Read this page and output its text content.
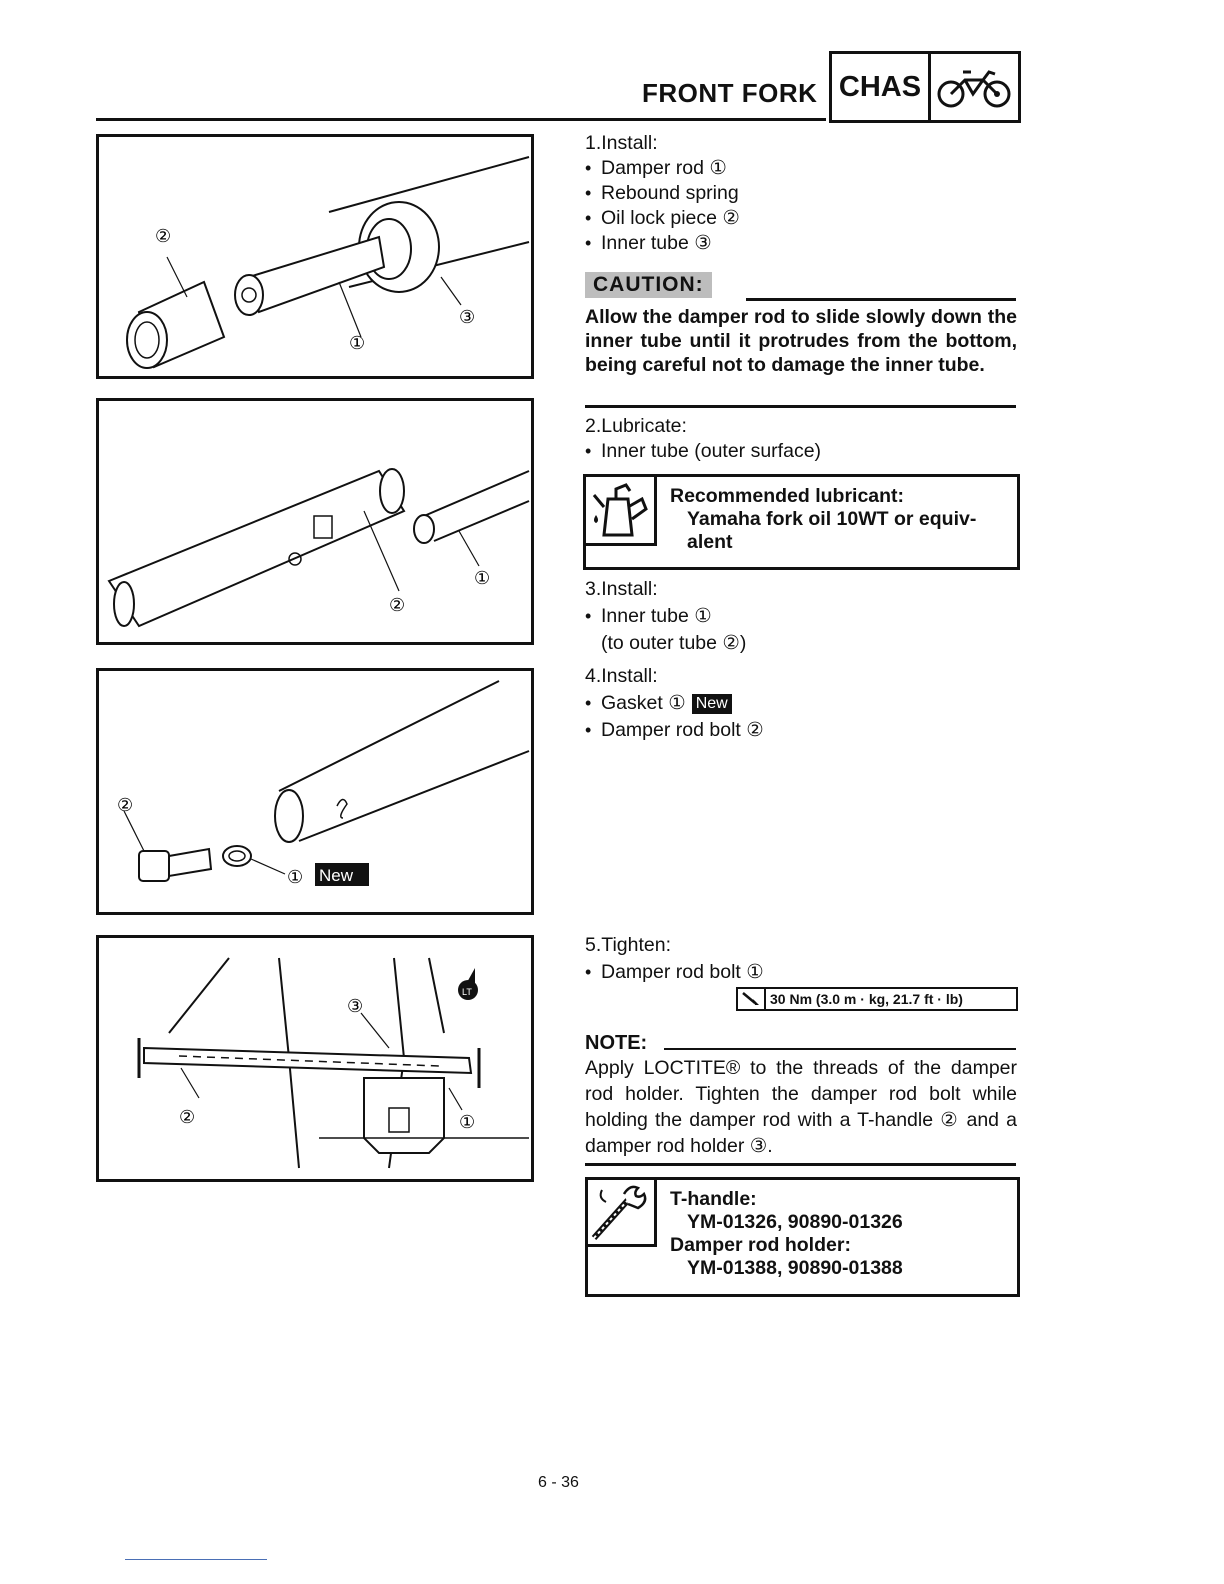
FRONT FORK CHAS
②
③
①
②
①
②
① New
LT
③
②	①

1.Install:

• Damper rod ①

• Rebound spring

• Oil lock piece ②

• Inner tube ③

CAUTION:
Allow the damper rod to slide slowly down the inner tube until it protrudes from the bottom, being careful not to damage the inner tube.

2.Lubricate:

• Inner tube (outer surface)

Recommended lubricant:
Yamaha fork oil 10WT or equiv-
alent

3.Install:

• Inner tube ①

(to outer tube ②)

4.Install:

• Gasket ① New

• Damper rod bolt ②

5.Tighten:

• Damper rod bolt ①

30 Nm (3.0 m · kg, 21.7 ft · lb)
NOTE:
Apply LOCTITE® to the threads of the damper rod holder. Tighten the damper rod bolt while holding the damper rod with a T-handle ② and a damper rod holder ③.
T-handle:
YM-01326, 90890-01326
Damper rod holder:
YM-01388, 90890-01388
6 - 36
